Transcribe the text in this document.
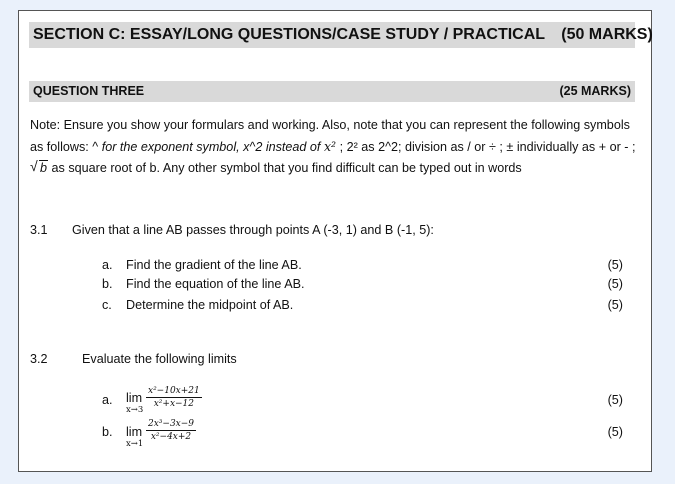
SECTION C: ESSAY/LONG QUESTIONS/CASE STUDY / PRACTICAL (50 MARKS)
QUESTION THREE	(25 MARKS)
Note: Ensure you show your formulars and working. Also, note that you can represent the following symbols as follows: ^ for the exponent symbol, x^2 instead of x² ; 2² as 2^2; division as / or ÷ ; ± individually as + or - ;
√ b as square root of b. Any other symbol that you find difficult can be typed out in words
3.1 Given that a line AB passes through points A (-3, 1) and B (-1, 5):
a. Find the gradient of the line AB.	(5)
b. Find the equation of the line AB.	(5)
c. Determine the midpoint of AB.	(5)
3.2	Evaluate the following limits
a. lim
x→3
x²−10x+21
x²+x−12	(5)
b. lim
x→1
2x³−3x−9
x²−4x+2	(5)
